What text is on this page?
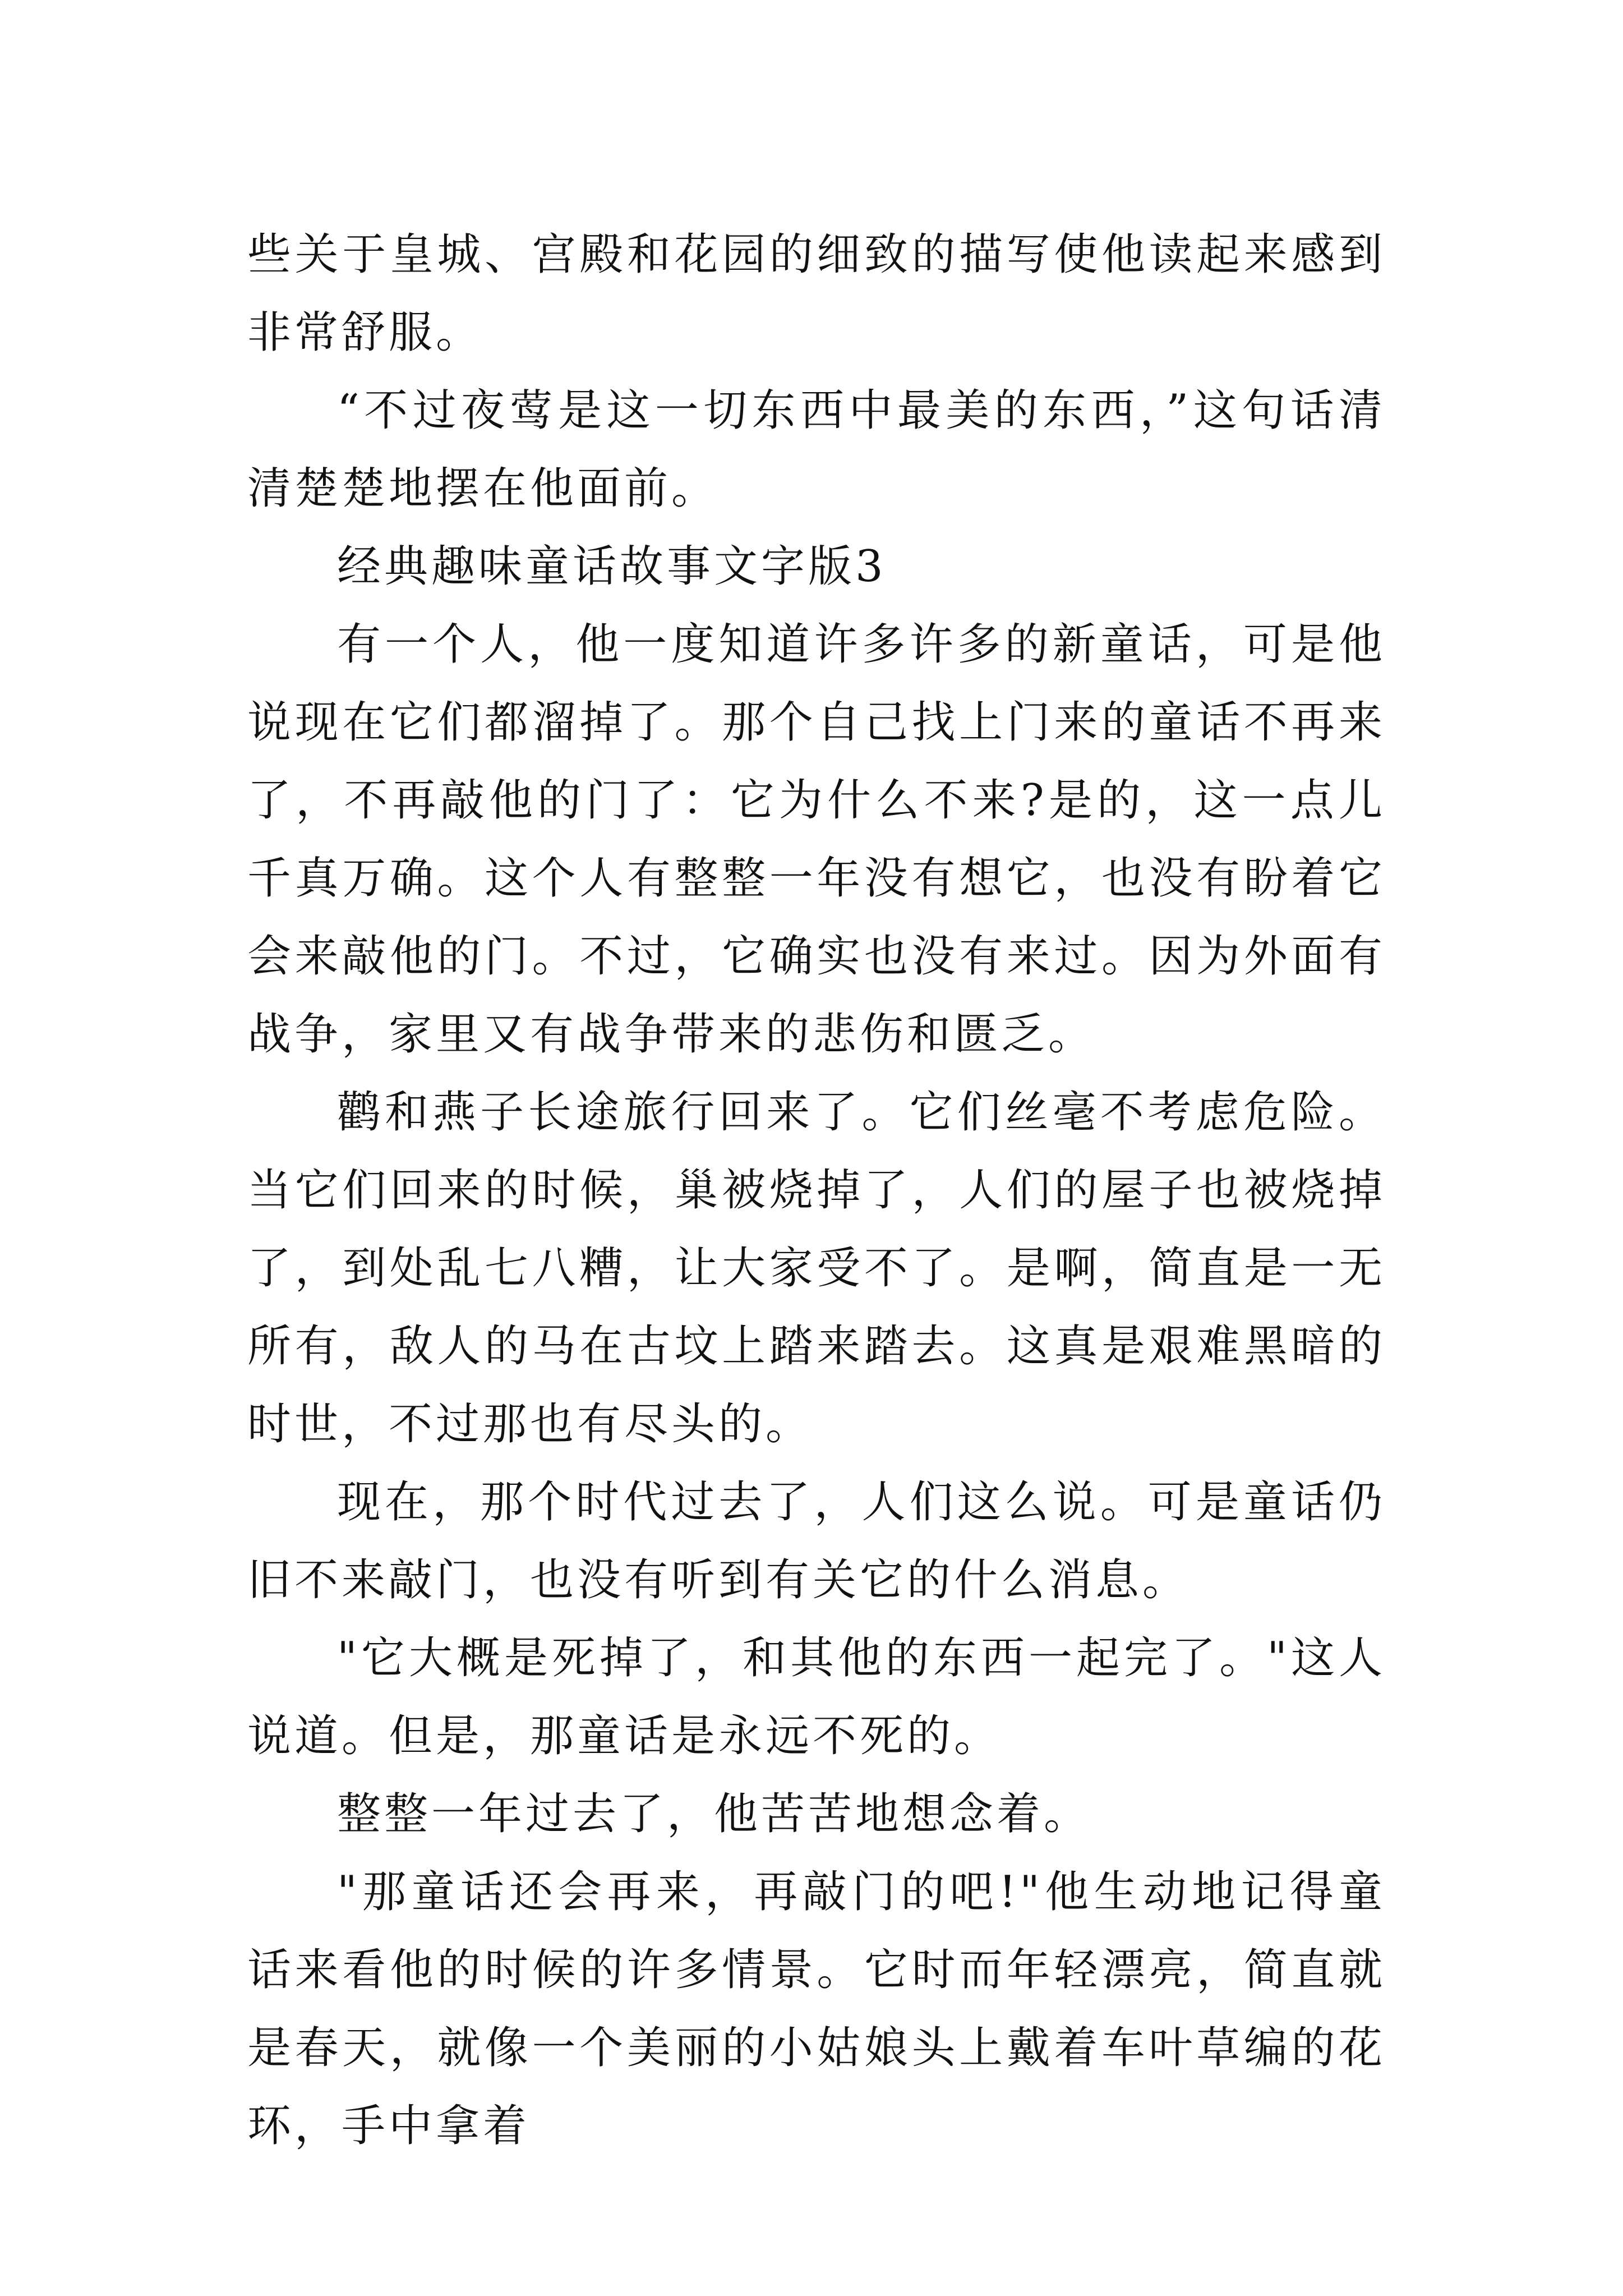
些关于皇城、宫殿和花园的细致的描写使他读起来感到非常舒服。

“不过夜莺是这一切东西中最美的东西，”这句话清清楚楚地摆在他面前。

经典趣味童话故事文字版3

有一个人，他一度知道许多许多的新童话，可是他说现在它们都溜掉了。那个自己找上门来的童话不再来了，不再敲他的门了：它为什么不来?是的，这一点儿千真万确。这个人有整整一年没有想它，也没有盼着它会来敲他的门。不过，它确实也没有来过。因为外面有战争，家里又有战争带来的悲伤和匮乏。

鹳和燕子长途旅行回来了。它们丝毫不考虑危险。当它们回来的时候，巢被烧掉了，人们的屋子也被烧掉了，到处乱七八糟，让大家受不了。是啊，简直是一无所有，敌人的马在古坟上踏来踏去。这真是艰难黑暗的时世，不过那也有尽头的。

现在，那个时代过去了，人们这么说。可是童话仍旧不来敲门，也没有听到有关它的什么消息。

"它大概是死掉了，和其他的东西一起完了。"这人说道。但是，那童话是永远不死的。

整整一年过去了，他苦苦地想念着。

"那童话还会再来，再敲门的吧!"他生动地记得童话来看他的时候的许多情景。它时而年轻漂亮，简直就是春天，就像一个美丽的小姑娘头上戴着车叶草编的花环，手中拿着
